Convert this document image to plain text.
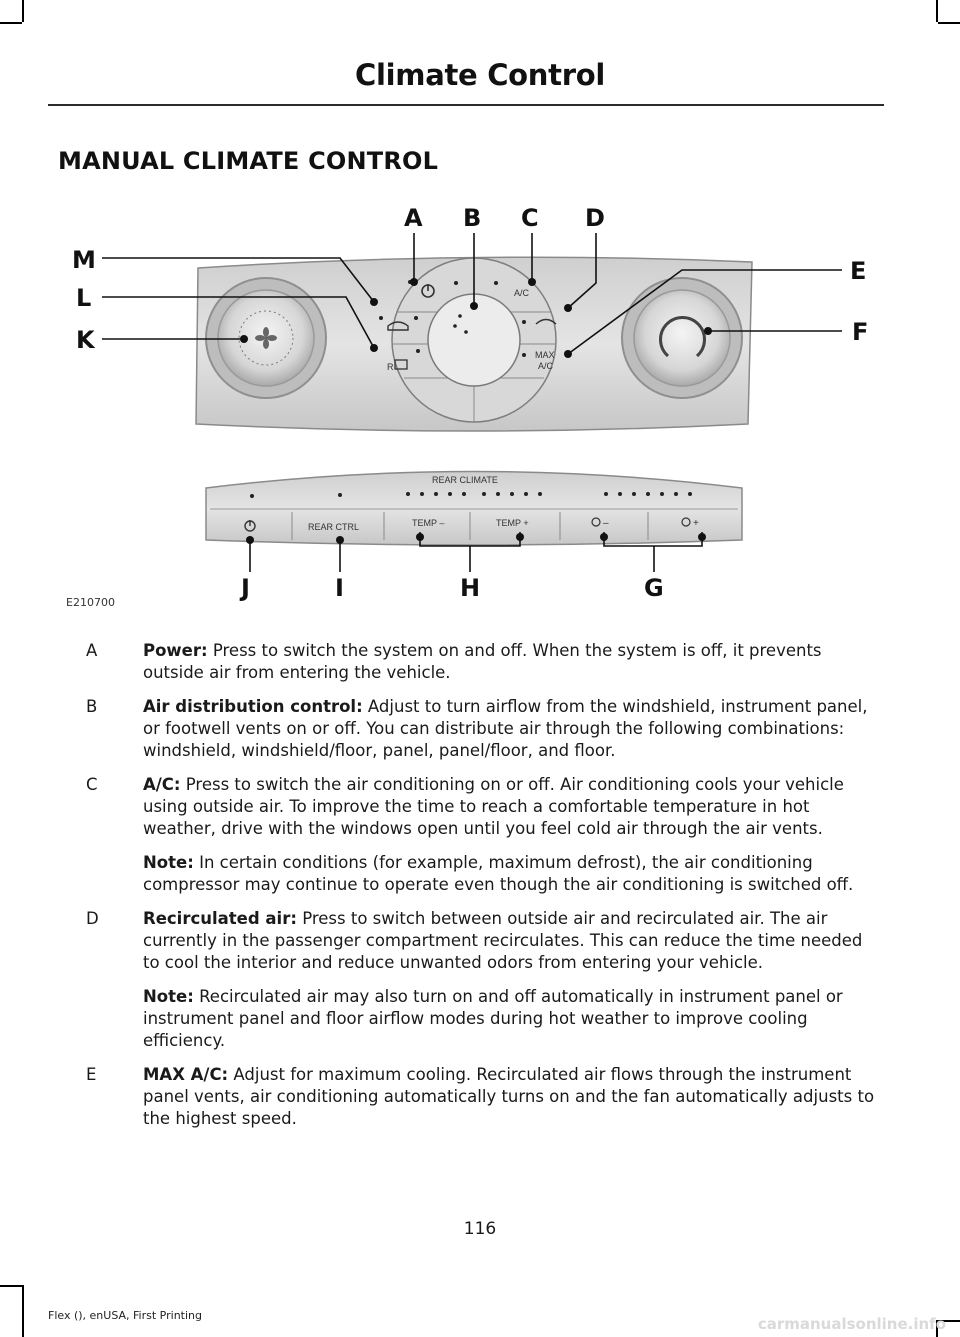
Climate Control
MANUAL CLIMATE CONTROL
A/C
MAX
A/C
R
REAR CLIMATE
REAR CTRL	TEMP –	TEMP +	–	+
A B C D
E
F
G
H
I
J
K
L
M
E210700
A	Power: Press to switch the system on and off. When the system is off, it prevents outside air from entering the vehicle.

B	Air distribution control: Adjust to turn airflow from the windshield, instrument panel, or footwell vents on or off. You can distribute air through the following combinations: windshield, windshield/floor, panel, panel/floor, and floor.

C	A/C: Press to switch the air conditioning on or off. Air conditioning cools your vehicle using outside air. To improve the time to reach a comfortable temperature in hot weather, drive with the windows open until you feel cold air through the air vents.

Note: In certain conditions (for example, maximum defrost), the air conditioning compressor may continue to operate even though the air conditioning is switched off.

D	Recirculated air: Press to switch between outside air and recirculated air. The air currently in the passenger compartment recirculates. This can reduce the time needed to cool the interior and reduce unwanted odors from entering your vehicle.

Note: Recirculated air may also turn on and off automatically in instrument panel or instrument panel and floor airflow modes during hot weather to improve cooling efficiency.

E	MAX A/C: Adjust for maximum cooling. Recirculated air flows through the instrument panel vents, air conditioning automatically turns on and the fan automatically adjusts to the highest speed.

116
Flex (), enUSA, First Printing	carmanualsonline.info
